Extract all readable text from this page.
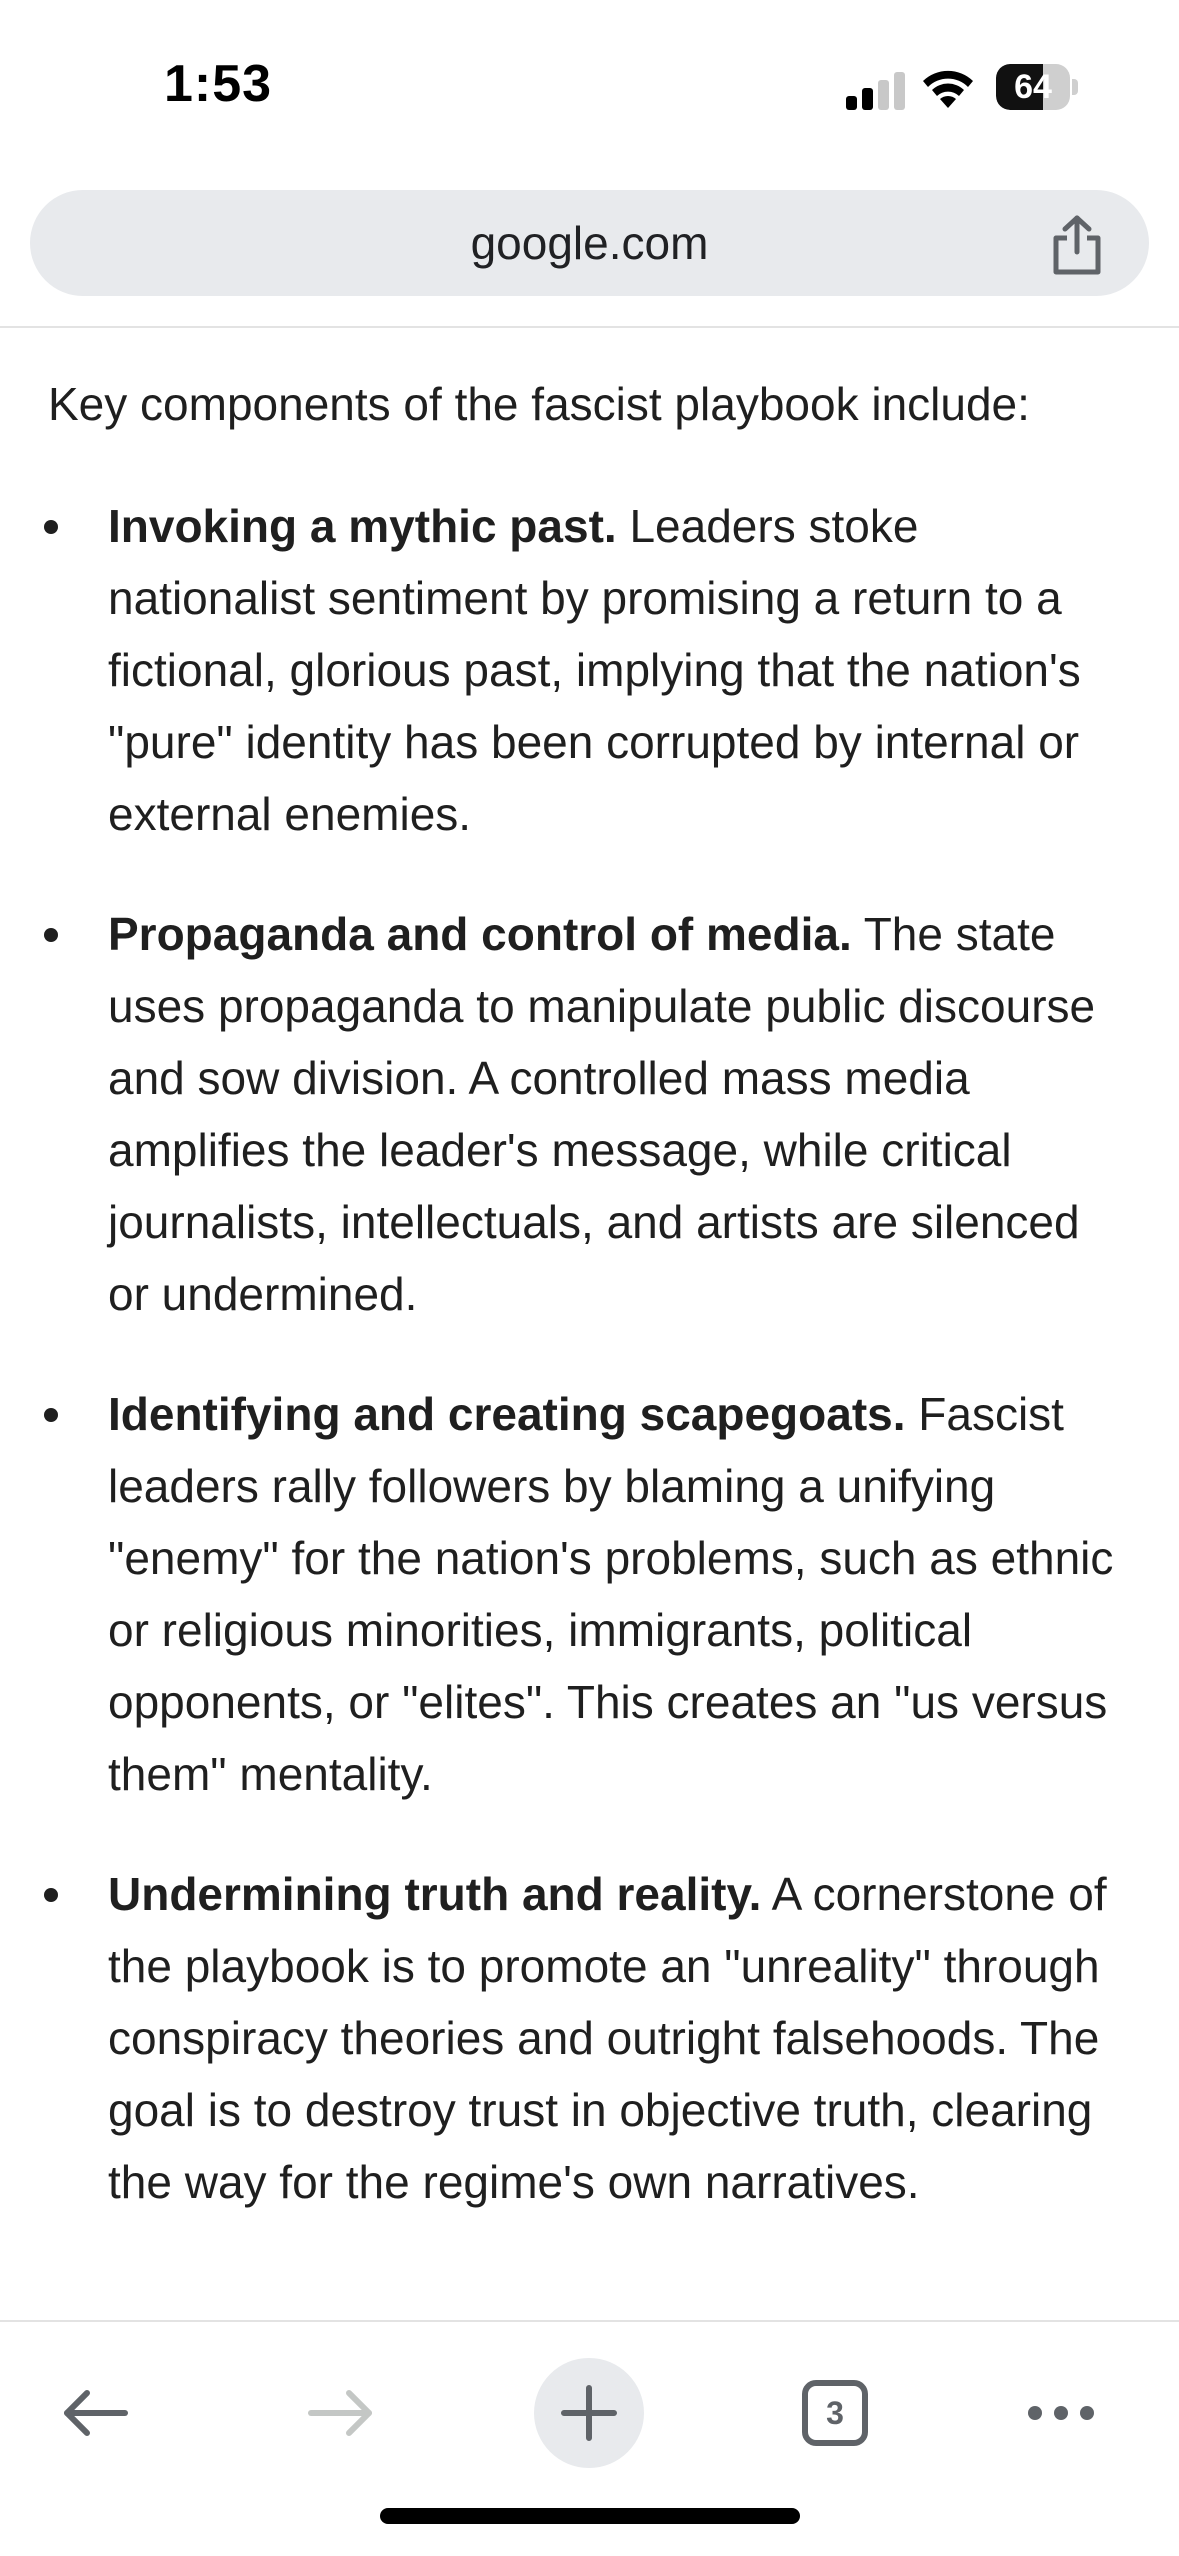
1:53	64
google.com
Key components of the fascist playbook include:
Invoking a mythic past. Leaders stoke nationalist sentiment by promising a return to a fictional, glorious past, implying that the nation's "pure" identity has been corrupted by internal or external enemies.
Propaganda and control of media. The state uses propaganda to manipulate public discourse and sow division. A controlled mass media amplifies the leader's message, while critical journalists, intellectuals, and artists are silenced or undermined.
Identifying and creating scapegoats. Fascist leaders rally followers by blaming a unifying "enemy" for the nation's problems, such as ethnic or religious minorities, immigrants, political opponents, or "elites". This creates an "us versus them" mentality.
Undermining truth and reality. A cornerstone of the playbook is to promote an "unreality" through conspiracy theories and outright falsehoods. The goal is to destroy trust in objective truth, clearing the way for the regime's own narratives.
3
